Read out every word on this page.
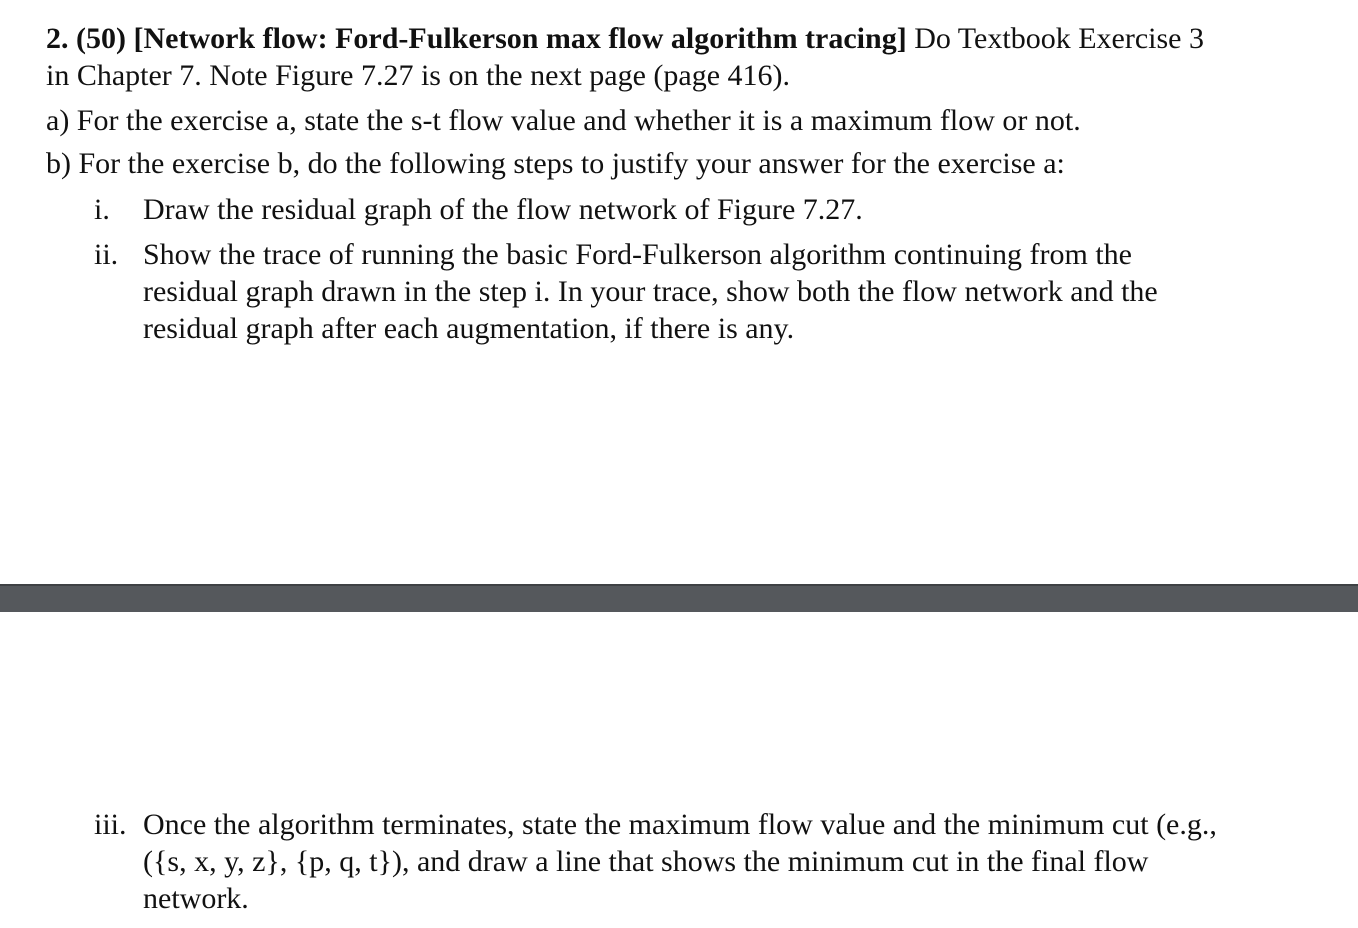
2. (50) [Network flow: Ford-Fulkerson max flow algorithm tracing] Do Textbook Exercise 3

in Chapter 7. Note Figure 7.27 is on the next page (page 416).

a) For the exercise a, state the s-t flow value and whether it is a maximum flow or not.

b) For the exercise b, do the following steps to justify your answer for the exercise a:

i. Draw the residual graph of the flow network of Figure 7.27.
ii. Show the trace of running the basic Ford-Fulkerson algorithm continuing from the
residual graph drawn in the step i. In your trace, show both the flow network and the
residual graph after each augmentation, if there is any.
iii. Once the algorithm terminates, state the maximum flow value and the minimum cut (e.g.,
({s, x, y, z}, {p, q, t}), and draw a line that shows the minimum cut in the final flow
network.
